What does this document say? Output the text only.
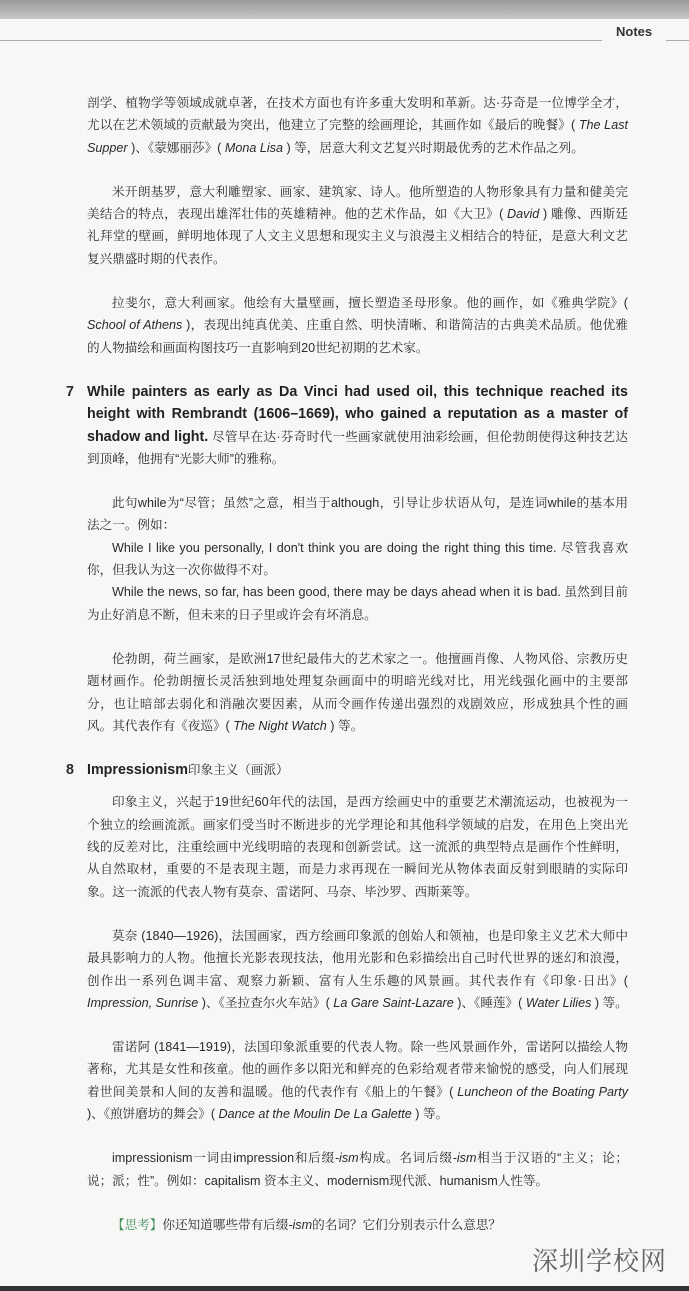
Notes
剖学、植物学等领域成就卓著，在技术方面也有许多重大发明和革新。达·芬奇是一位博学全才，尤以在艺术领域的贡献最为突出，他建立了完整的绘画理论，其画作如《最后的晚餐》( The Last Supper )、《蒙娜丽莎》( Mona Lisa ) 等，居意大利文艺复兴时期最优秀的艺术作品之列。
米开朗基罗，意大利雕塑家、画家、建筑家、诗人。他所塑造的人物形象具有力量和健美完美结合的特点，表现出雄浑壮伟的英雄精神。他的艺术作品，如《大卫》( David ) 雕像、西斯廷礼拜堂的壁画，鲜明地体现了人文主义思想和现实主义与浪漫主义相结合的特征，是意大利文艺复兴鼎盛时期的代表作。
拉斐尔，意大利画家。他绘有大量壁画，擅长塑造圣母形象。他的画作，如《雅典学院》( School of Athens )，表现出纯真优美、庄重自然、明快清晰、和谐简洁的古典美术品质。他优雅的人物描绘和画面构图技巧一直影响到20世纪初期的艺术家。
7 While painters as early as Da Vinci had used oil, this technique reached its height with Rembrandt (1606–1669), who gained a reputation as a master of shadow and light. 尽管早在达·芬奇时代一些画家就使用油彩绘画，但伦勃朗使得这种技艺达到顶峰，他拥有“光影大师”的雅称。
此句while为“尽管；虽然”之意，相当于although，引导让步状语从句，是连词while的基本用法之一。例如：
While I like you personally, I don't think you are doing the right thing this time. 尽管我喜欢你，但我认为这一次你做得不对。
While the news, so far, has been good, there may be days ahead when it is bad. 虽然到目前为止好消息不断，但未来的日子里或许会有坏消息。
伦勃朗，荷兰画家，是欧洲17世纪最伟大的艺术家之一。他擅画肖像、人物风俗、宗教历史题材画作。伦勃朗擅长灵活独到地处理复杂画面中的明暗光线对比，用光线强化画中的主要部分，也让暗部去弱化和消融次要因素，从而令画作传递出强烈的戏剧效应，形成独具个性的画风。其代表作有《夜巡》( The Night Watch ) 等。
8 Impressionism印象主义（画派）
印象主义，兴起于19世纪60年代的法国，是西方绘画史中的重要艺术潮流运动，也被视为一个独立的绘画流派。画家们受当时不断进步的光学理论和其他科学领域的启发，在用色上突出光线的反差对比，注重绘画中光线明暗的表现和创新尝试。这一流派的典型特点是画作个性鲜明，从自然取材，重要的不是表现主题，而是力求再现在一瞬间光从物体表面反射到眼睛的实际印象。这一流派的代表人物有莫奈、雷诺阿、马奈、毕沙罗、西斯莱等。
莫奈 (1840—1926)，法国画家，西方绘画印象派的创始人和领袖，也是印象主义艺术大师中最具影响力的人物。他擅长光影表现技法，他用光影和色彩描绘出自己时代世界的迷幻和浪漫，创作出一系列色调丰富、观察力新颖、富有人生乐趣的风景画。其代表作有《印象·日出》( Impression, Sunrise )、《圣拉查尔火车站》( La Gare Saint-Lazare )、《睡莲》( Water Lilies ) 等。
雷诺阿 (1841—1919)，法国印象派重要的代表人物。除一些风景画作外，雷诺阿以描绘人物著称，尤其是女性和孩童。他的画作多以阳光和鲜亮的色彩给观者带来愉悦的感受，向人们展现着世间美景和人间的友善和温暖。他的代表作有《船上的午餐》( Luncheon of the Boating Party )、《煎饼磨坊的舞会》( Dance at the Moulin De La Galette ) 等。
impressionism一词由impression和后缀-ism构成。名词后缀-ism相当于汉语的“主义；论；说；派；性”。例如：capitalism 资本主义、modernism现代派、humanism人性等。
【思考】你还知道哪些带有后缀-ism的名词？它们分别表示什么意思？
深圳学校网
